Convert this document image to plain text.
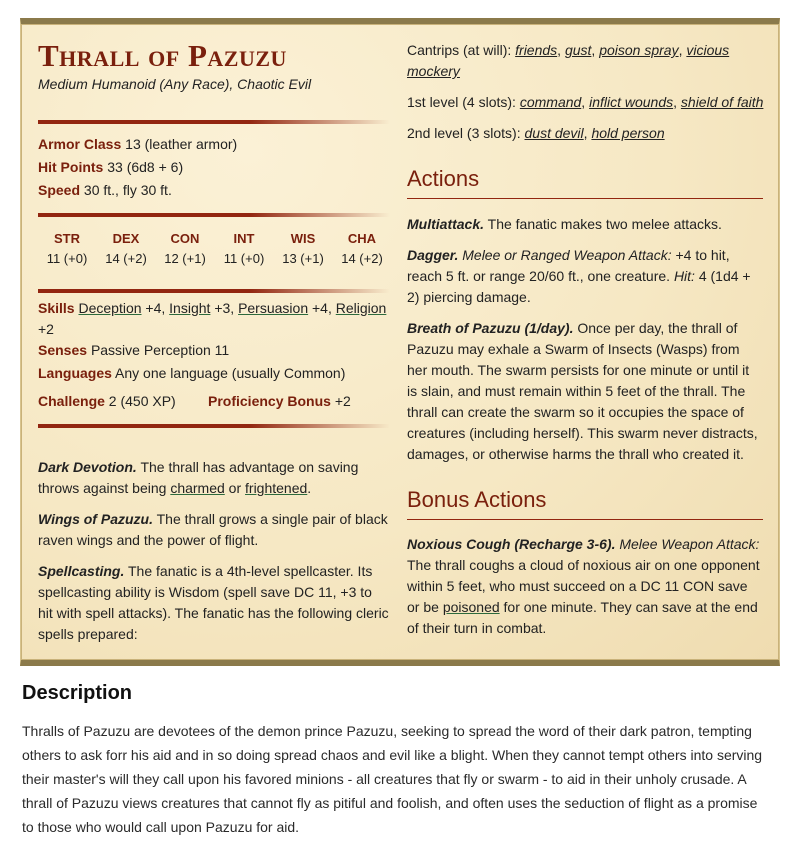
Thrall of Pazuzu
Medium Humanoid (Any Race), Chaotic Evil
Armor Class 13 (leather armor)
Hit Points 33 (6d8 + 6)
Speed 30 ft., fly 30 ft.
STR
11 (+0)
DEX
14 (+2)
CON
12 (+1)
INT
11 (+0)
WIS
13 (+1)
CHA
14 (+2)
Skills Deception +4, Insight +3, Persuasion +4, Religion +2
Senses Passive Perception 11
Languages Any one language (usually Common)
Challenge 2 (450 XP) Proficiency Bonus +2
Dark Devotion. The thrall has advantage on saving throws against being charmed or frightened.
Wings of Pazuzu. The thrall grows a single pair of black raven wings and the power of flight.
Spellcasting. The fanatic is a 4th-level spellcaster. Its spellcasting ability is Wisdom (spell save DC 11, +3 to hit with spell attacks). The fanatic has the following cleric spells prepared:
Cantrips (at will): friends, gust, poison spray, vicious mockery
1st level (4 slots): command, inflict wounds, shield of faith
2nd level (3 slots): dust devil, hold person
Actions
Multiattack. The fanatic makes two melee attacks.
Dagger. Melee or Ranged Weapon Attack: +4 to hit, reach 5 ft. or range 20/60 ft., one creature. Hit: 4 (1d4 + 2) piercing damage.
Breath of Pazuzu (1/day). Once per day, the thrall of Pazuzu may exhale a Swarm of Insects (Wasps) from her mouth. The swarm persists for one minute or until it is slain, and must remain within 5 feet of the thrall. The thrall can create the swarm so it occupies the space of creatures (including herself). This swarm never distracts, damages, or otherwise harms the thrall who created it.
Bonus Actions
Noxious Cough (Recharge 3-6). Melee Weapon Attack: The thrall coughs a cloud of noxious air on one opponent within 5 feet, who must succeed on a DC 11 CON save or be poisoned for one minute. They can save at the end of their turn in combat.
Description
Thralls of Pazuzu are devotees of the demon prince Pazuzu, seeking to spread the word of their dark patron, tempting others to ask forr his aid and in so doing spread chaos and evil like a blight. When they cannot tempt others into serving their master's will they call upon his favored minions - all creatures that fly or swarm - to aid in their unholy crusade. A thrall of Pazuzu views creatures that cannot fly as pitiful and foolish, and often uses the seduction of flight as a promise to those who would call upon Pazuzu for aid.
